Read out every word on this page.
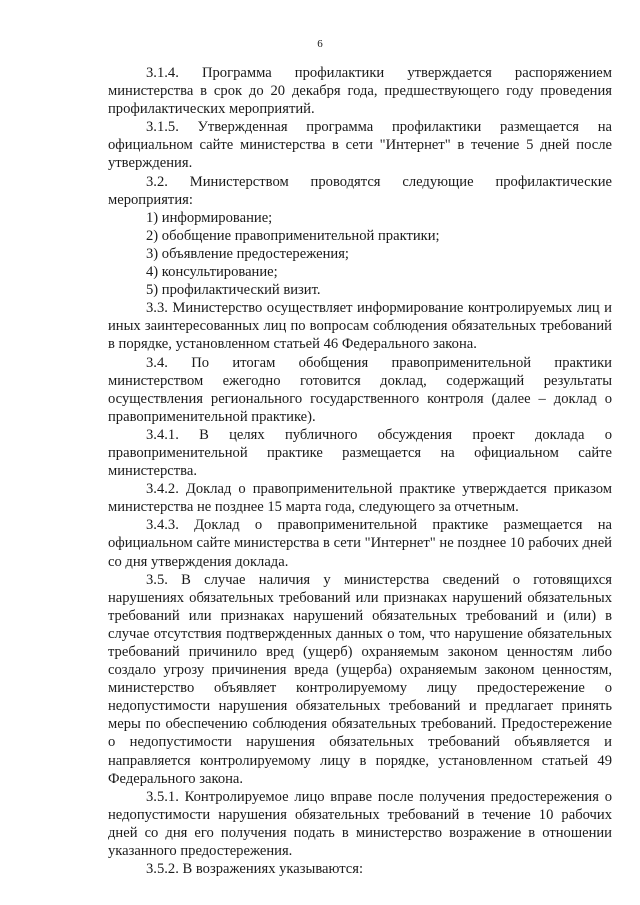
6

3.1.4. Программа профилактики утверждается распоряжением министерства в срок до 20 декабря года, предшествующего году проведения профилактических мероприятий.

3.1.5. Утвержденная программа профилактики размещается на официальном сайте министерства в сети "Интернет" в течение 5 дней после утверждения.

3.2. Министерством проводятся следующие профилактические мероприятия:

1) информирование;

2) обобщение правоприменительной практики;

3) объявление предостережения;

4) консультирование;

5) профилактический визит.

3.3. Министерство осуществляет информирование контролируемых лиц и иных заинтересованных лиц по вопросам соблюдения обязательных требований в порядке, установленном статьей 46 Федерального закона.

3.4. По итогам обобщения правоприменительной практики министерством ежегодно готовится доклад, содержащий результаты осуществления регионального государственного контроля (далее – доклад о правоприменительной практике).

3.4.1. В целях публичного обсуждения проект доклада о правоприменительной практике размещается на официальном сайте министерства.

3.4.2. Доклад о правоприменительной практике утверждается приказом министерства не позднее 15 марта года, следующего за отчетным.

3.4.3. Доклад о правоприменительной практике размещается на официальном сайте министерства в сети "Интернет" не позднее 10 рабочих дней со дня утверждения доклада.

3.5. В случае наличия у министерства сведений о готовящихся нарушениях обязательных требований или признаках нарушений обязательных требований или признаках нарушений обязательных требований и (или) в случае отсутствия подтвержденных данных о том, что нарушение обязательных требований причинило вред (ущерб) охраняемым законом ценностям либо создало угрозу причинения вреда (ущерба) охраняемым законом ценностям, министерство объявляет контролируемому лицу предостережение о недопустимости нарушения обязательных требований и предлагает принять меры по обеспечению соблюдения обязательных требований. Предостережение о недопустимости нарушения обязательных требований объявляется и направляется контролируемому лицу в порядке, установленном статьей 49 Федерального закона.

3.5.1. Контролируемое лицо вправе после получения предостережения о недопустимости нарушения обязательных требований в течение 10 рабочих дней со дня его получения подать в министерство возражение в отношении указанного предостережения.

3.5.2. В возражениях указываются:
